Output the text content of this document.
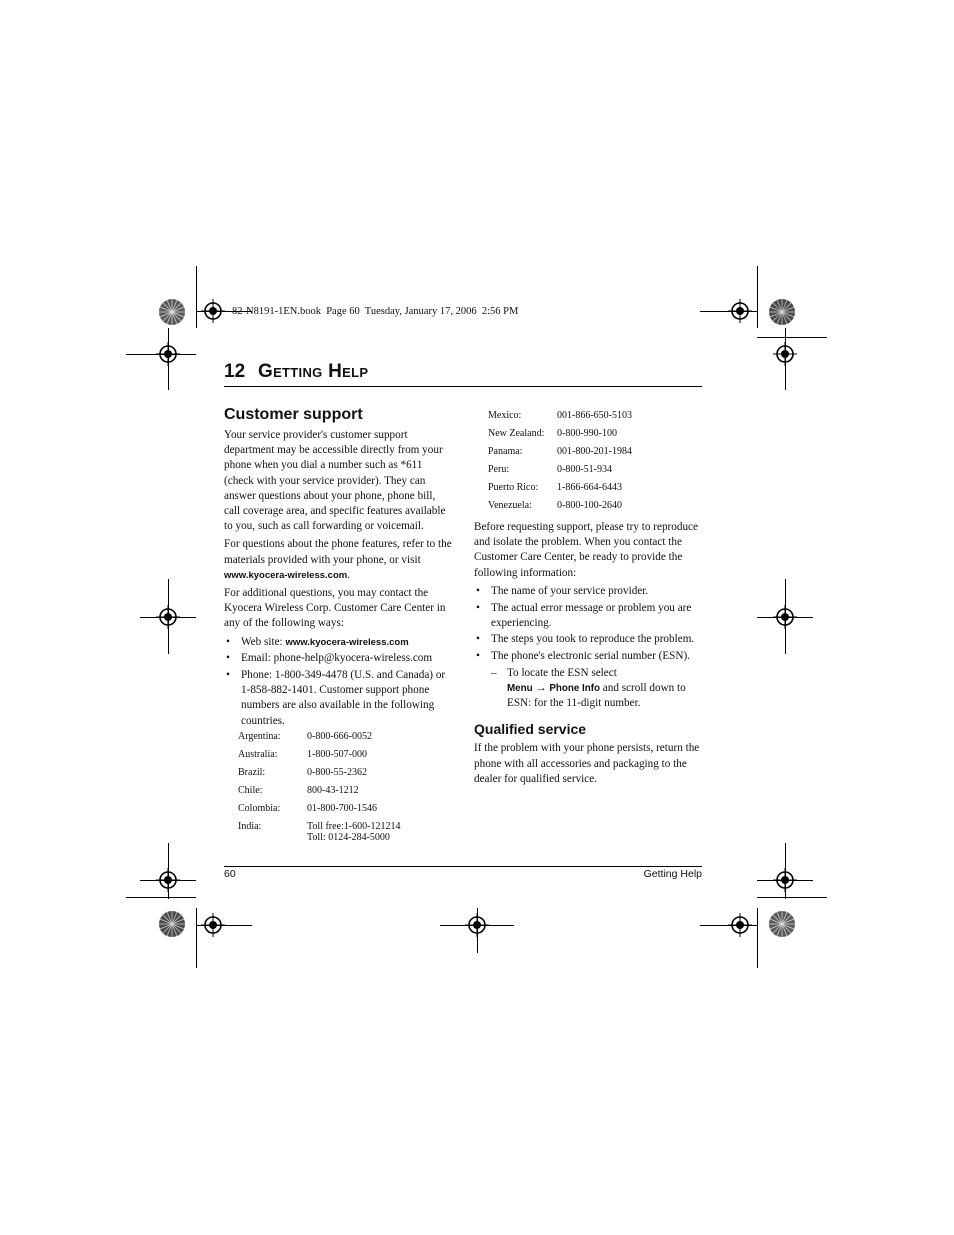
82-N8191-1EN.book  Page 60  Tuesday, January 17, 2006  2:56 PM
12 Getting Help
Customer support
Your service provider's customer support department may be accessible directly from your phone when you dial a number such as *611 (check with your service provider). They can answer questions about your phone, phone bill, call coverage area, and specific features available to you, such as call forwarding or voicemail.
For questions about the phone features, refer to the materials provided with your phone, or visit www.kyocera-wireless.com.
For additional questions, you may contact the Kyocera Wireless Corp. Customer Care Center in any of the following ways:
• Web site: www.kyocera-wireless.com
• Email: phone-help@kyocera-wireless.com
• Phone: 1-800-349-4478 (U.S. and Canada) or 1-858-882-1401. Customer support phone numbers are also available in the following countries.
Argentina:	0-800-666-0052
Australia:	1-800-507-000
Brazil:	0-800-55-2362
Chile:	800-43-1212
Colombia:	01-800-700-1546
India:	Toll free:1-600-121214
Toll: 0124-284-5000
Mexico:	001-866-650-5103
New Zealand:	0-800-990-100
Panama:	001-800-201-1984
Peru:	0-800-51-934
Puerto Rico:	1-866-664-6443
Venezuela:	0-800-100-2640
Before requesting support, please try to reproduce and isolate the problem. When you contact the Customer Care Center, be ready to provide the following information:
• The name of your service provider.
• The actual error message or problem you are experiencing.
• The steps you took to reproduce the problem.
• The phone's electronic serial number (ESN).
– To locate the ESN select
Menu → Phone Info and scroll down to
ESN: for the 11-digit number.
Qualified service
If the problem with your phone persists, return the phone with all accessories and packaging to the dealer for qualified service.
60	Getting Help
